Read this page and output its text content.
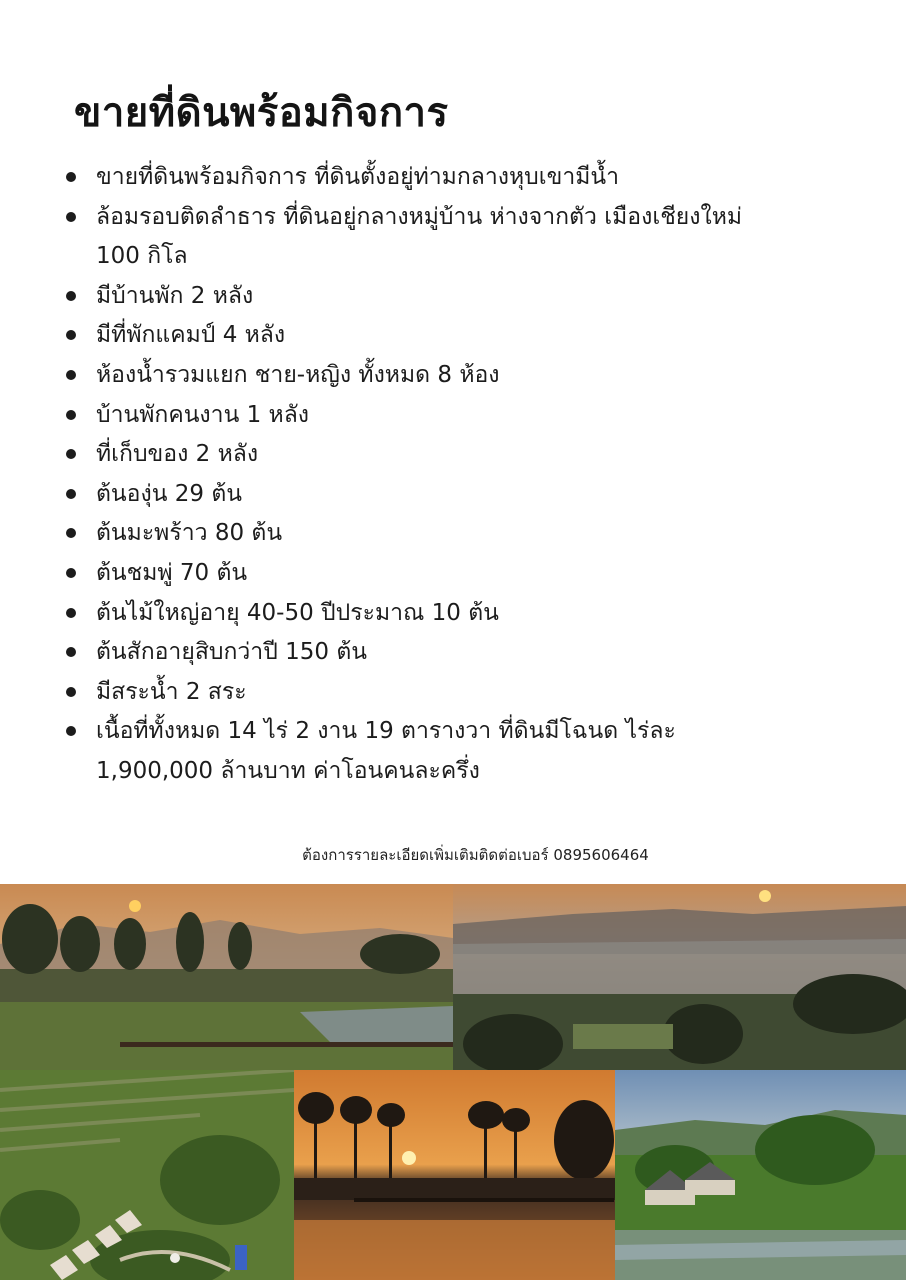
ขายที่ดินพร้อมกิจการ
ขายที่ดินพร้อมกิจการ ที่ดินตั้งอยู่ท่ามกลางหุบเขามีน้ำ
ล้อมรอบติดลำธาร ที่ดินอยู่กลางหมู่บ้าน ห่างจากตัว เมืองเชียงใหม่ 100 กิโล
มีบ้านพัก 2 หลัง
มีที่พักแคมป์ 4 หลัง
ห้องน้ำรวมแยก ชาย-หญิง ทั้งหมด 8 ห้อง
บ้านพักคนงาน 1 หลัง
ที่เก็บของ 2 หลัง
ต้นองุ่น 29 ต้น
ต้นมะพร้าว 80 ต้น
ต้นชมพู่ 70 ต้น
ต้นไม้ใหญ่อายุ 40-50 ปีประมาณ 10 ต้น
ต้นสักอายุสิบกว่าปี 150 ต้น
มีสระน้ำ 2 สระ
เนื้อที่ทั้งหมด 14 ไร่ 2 งาน 19 ตารางวา ที่ดินมีโฉนด ไร่ละ 1,900,000 ล้านบาท ค่าโอนคนละครึ่ง
ต้องการรายละเอียดเพิ่มเติมติดต่อเบอร์ 0895606464
